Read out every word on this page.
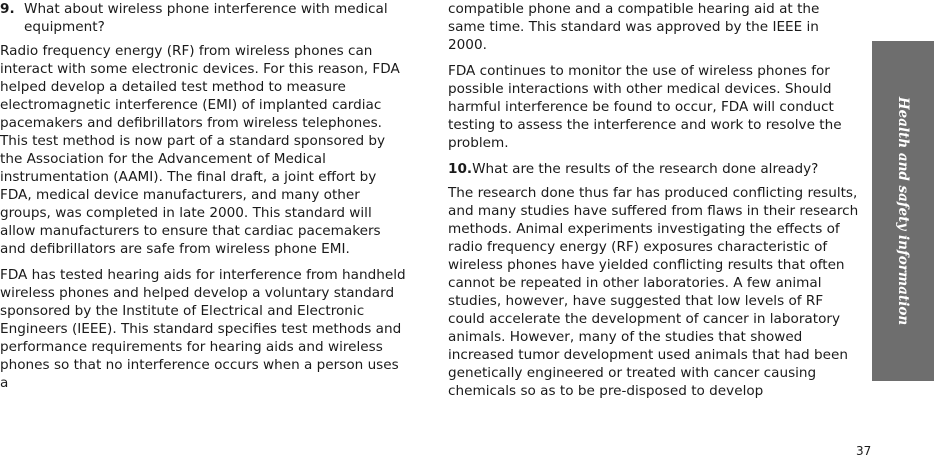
9. What about wireless phone interference with medical equipment?

Radio frequency energy (RF) from wireless phones can interact with some electronic devices. For this reason, FDA helped develop a detailed test method to measure electromagnetic interference (EMI) of implanted cardiac pacemakers and defibrillators from wireless telephones. This test method is now part of a standard sponsored by the Association for the Advancement of Medical instrumentation (AAMI). The final draft, a joint effort by FDA, medical device manufacturers, and many other groups, was completed in late 2000. This standard will allow manufacturers to ensure that cardiac pacemakers and defibrillators are safe from wireless phone EMI.

FDA has tested hearing aids for interference from handheld wireless phones and helped develop a voluntary standard sponsored by the Institute of Electrical and Electronic Engineers (IEEE). This standard specifies test methods and performance requirements for hearing aids and wireless phones so that no interference occurs when a person uses a

compatible phone and a compatible hearing aid at the same time. This standard was approved by the IEEE in 2000.

FDA continues to monitor the use of wireless phones for possible interactions with other medical devices. Should harmful interference be found to occur, FDA will conduct testing to assess the interference and work to resolve the problem.

10. What are the results of the research done already?

The research done thus far has produced conflicting results, and many studies have suffered from flaws in their research methods. Animal experiments investigating the effects of radio frequency energy (RF) exposures characteristic of wireless phones have yielded conflicting results that often cannot be repeated in other laboratories. A few animal studies, however, have suggested that low levels of RF could accelerate the development of cancer in laboratory animals. However, many of the studies that showed increased tumor development used animals that had been genetically engineered or treated with cancer causing chemicals so as to be pre-disposed to develop

Health and safety information
37
